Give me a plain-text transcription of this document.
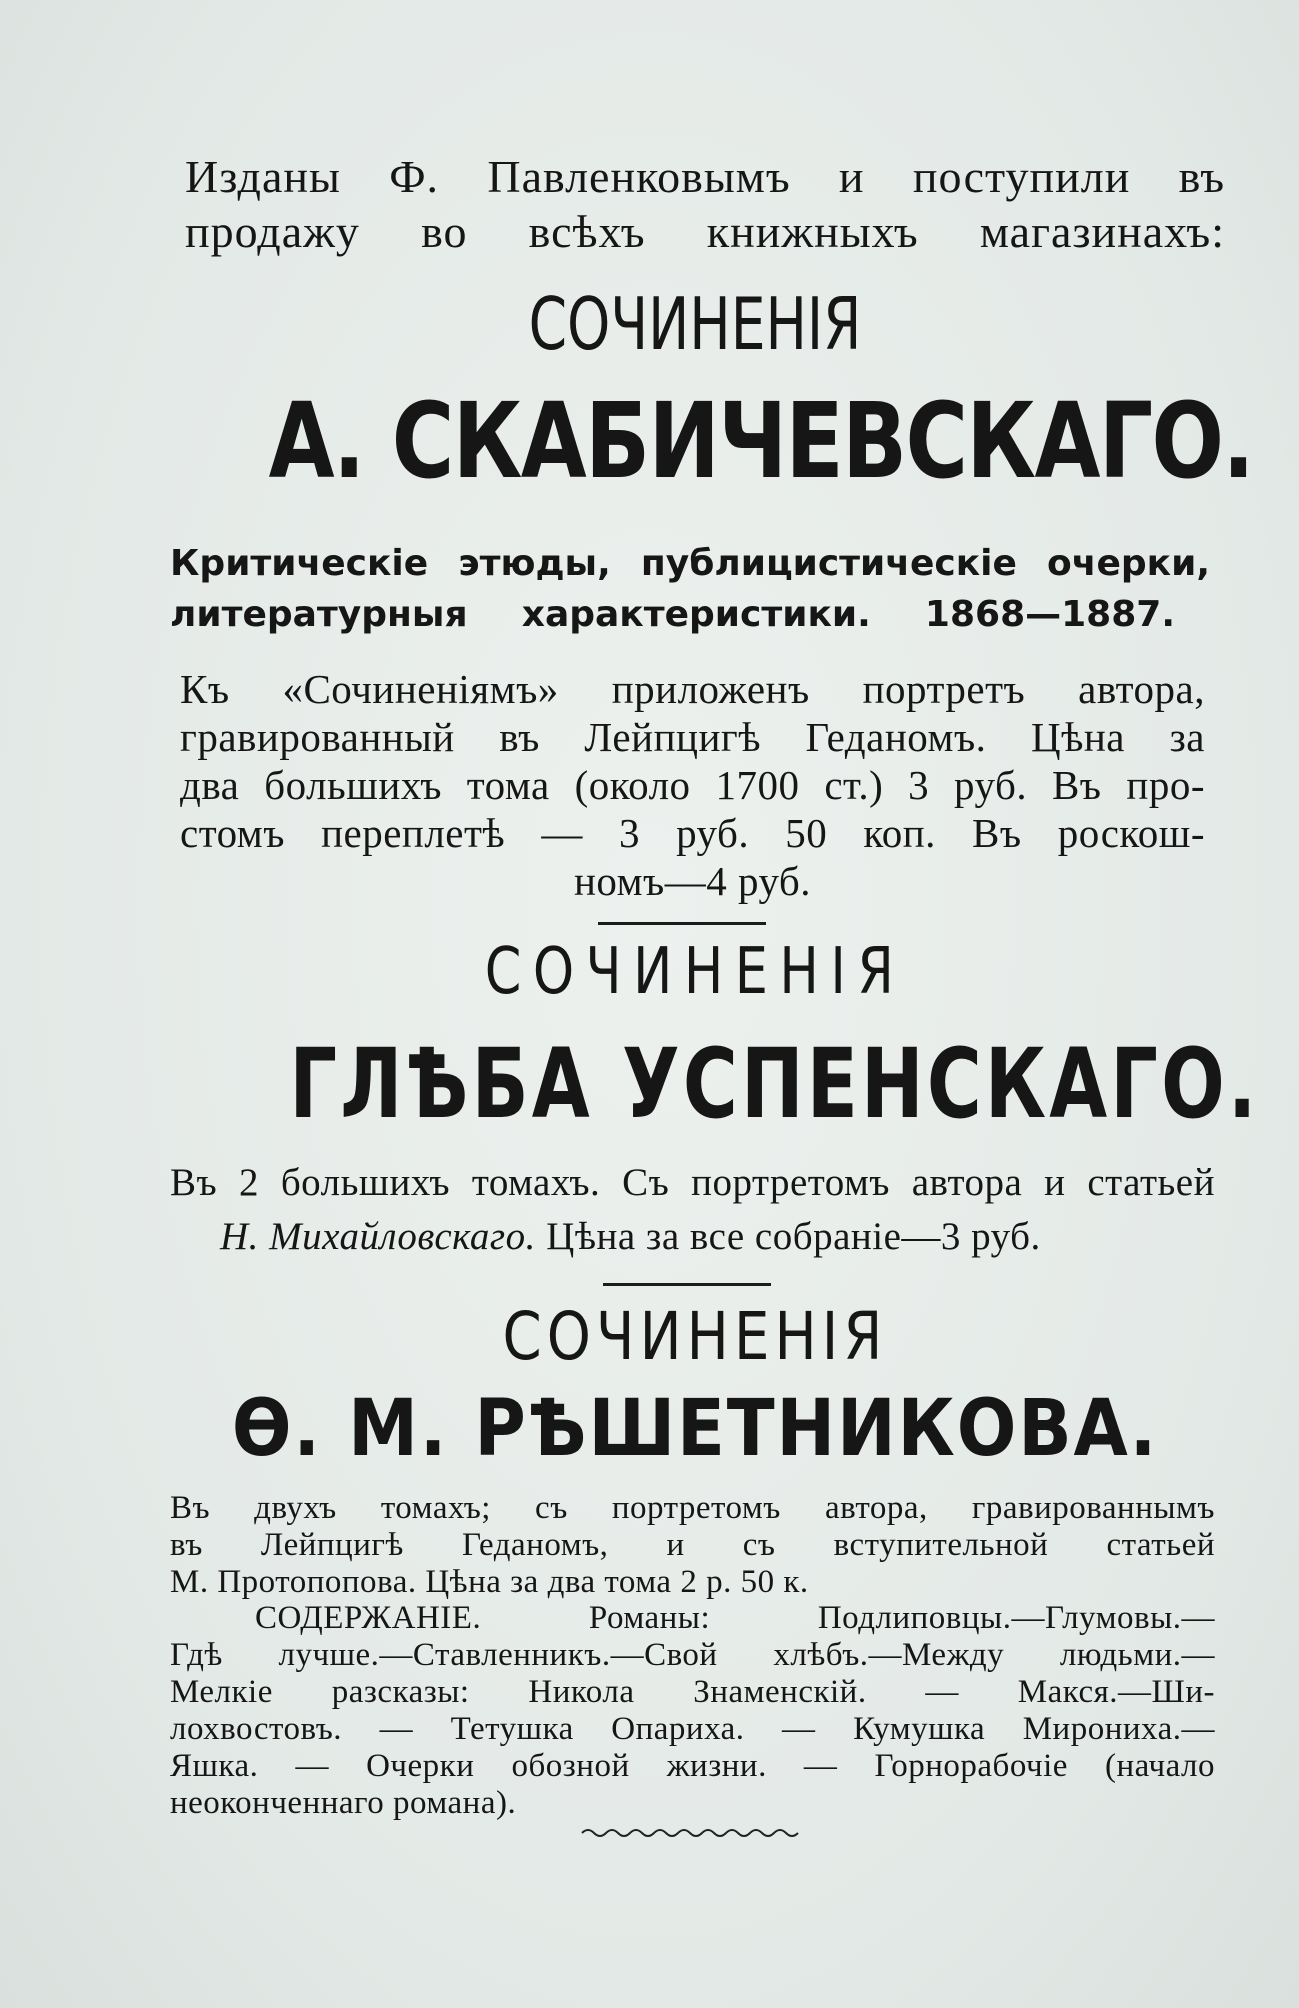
Изданы Ф. Павленковымъ и поступили въ
продажу во всѣхъ книжныхъ магазинахъ:
СОЧИНЕНІЯ
А. СКАБИЧЕВСКАГО.
Критическіе этюды, публицистическіе очерки,
литературныя характеристики. 1868—1887.
Къ «Сочиненіямъ» приложенъ портретъ автора,
гравированный въ Лейпцигѣ Геданомъ. Цѣна за
два большихъ тома (около 1700 ст.) 3 руб. Въ про-
стомъ переплетѣ — 3 руб. 50 коп. Въ роскош-
номъ—4 руб.
СОЧИНЕНІЯ
ГЛѢБА УСПЕНСКАГО.
Въ 2 большихъ томахъ. Съ портретомъ автора и статьей
Н. Михайловскаго. Цѣна за все собраніе—3 руб.
СОЧИНЕНІЯ
Ѳ. М. РѢШЕТНИКОВА.
Въ двухъ томахъ; съ портретомъ автора, гравированнымъ
въ Лейпцигѣ Геданомъ, и съ вступительной статьей
М. Протопопова. Цѣна за два тома 2 р. 50 к.
СОДЕРЖАНІЕ. Романы: Подлиповцы.—Глумовы.—
Гдѣ лучше.—Ставленникъ.—Свой хлѣбъ.—Между людьми.—
Мелкіе разсказы: Никола Знаменскій. — Макся.—Ши-
лохвостовъ. — Тетушка Опариха. — Кумушка Мирониха.—
Яшка. — Очерки обозной жизни. — Горнорабочіе (начало
неоконченнаго романа).
